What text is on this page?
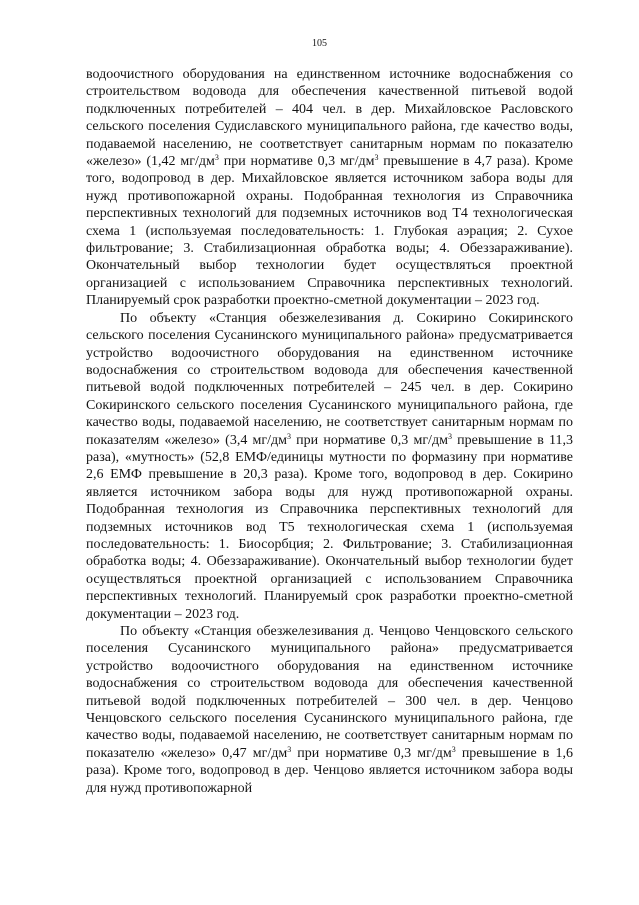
105

водоочистного оборудования на единственном источнике водоснабжения со строительством водовода для обеспечения качественной питьевой водой подключенных потребителей – 404 чел. в дер. Михайловское Расловского сельского поселения Судиславского муниципального района, где качество воды, подаваемой населению, не соответствует санитарным нормам по показателю «железо» (1,42 $мг/дм^3$ при нормативе 0,3 $мг/дм^3$ превышение в 4,7 раза). Кроме того, водопровод в дер. Михайловское является источником забора воды для нужд противопожарной охраны. Подобранная технология из Справочника перспективных технологий для подземных источников вод Т4 технологическая схема 1 (используемая последовательность: 1. Глубокая аэрация; 2. Сухое фильтрование; 3. Стабилизационная обработка воды; 4. Обеззараживание). Окончательный выбор технологии будет осуществляться проектной организацией с использованием Справочника перспективных технологий. Планируемый срок разработки проектно-сметной документации – 2023 год.

По объекту «Станция обезжелезивания д. Сокирино Сокиринского сельского поселения Сусанинского муниципального района» предусматривается устройство водоочистного оборудования на единственном источнике водоснабжения со строительством водовода для обеспечения качественной питьевой водой подключенных потребителей – 245 чел. в дер. Сокирино Сокиринского сельского поселения Сусанинского муниципального района, где качество воды, подаваемой населению, не соответствует санитарным нормам по показателям «железо» (3,4 $мг/дм^3$ при нормативе 0,3 $мг/дм^3$ превышение в 11,3 раза), «мутность» (52,8 ЕМФ/единицы мутности по формазину при нормативе 2,6 ЕМФ превышение в 20,3 раза). Кроме того, водопровод в дер. Сокирино является источником забора воды для нужд противопожарной охраны. Подобранная технология из Справочника перспективных технологий для подземных источников вод Т5 технологическая схема 1 (используемая последовательность: 1. Биосорбция; 2. Фильтрование; 3. Стабилизационная обработка воды; 4. Обеззараживание). Окончательный выбор технологии будет осуществляться проектной организацией с использованием Справочника перспективных технологий. Планируемый срок разработки проектно-сметной документации – 2023 год.

По объекту «Станция обезжелезивания д. Ченцово Ченцовского сельского поселения Сусанинского муниципального района» предусматривается устройство водоочистного оборудования на единственном источнике водоснабжения со строительством водовода для обеспечения качественной питьевой водой подключенных потребителей – 300 чел. в дер. Ченцово Ченцовского сельского поселения Сусанинского муниципального района, где качество воды, подаваемой населению, не соответствует санитарным нормам по показателю «железо» 0,47 $мг/дм^3$ при нормативе 0,3 $мг/дм^3$ превышение в 1,6 раза). Кроме того, водопровод в дер. Ченцово является источником забора воды для нужд противопожарной
